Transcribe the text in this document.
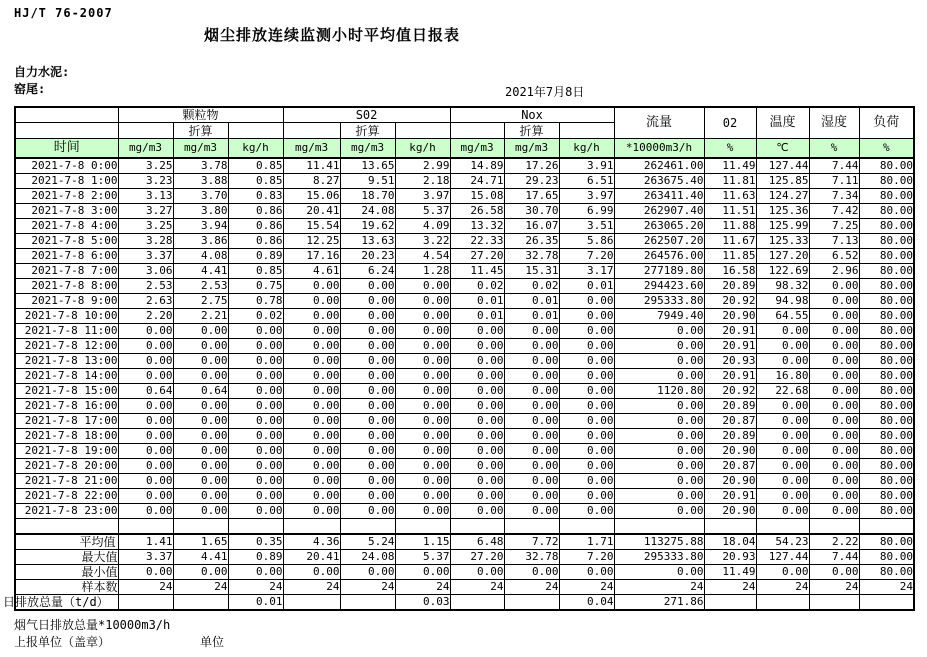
HJ/T 76-2007
烟尘排放连续监测小时平均值日报表
自力水泥:
窑尾:	2021年7月8日
	颗粒物			S02			Nox			流量	02	温度	湿度	负荷
		折算			折算			折算						
时间	mg/m3	mg/m3	kg/h	mg/m3	mg/m3	kg/h	mg/m3	mg/m3	kg/h	*10000m3/h	%	℃	%	%
2021-7-8 0:00	3.25	3.78	0.85	11.41	13.65	2.99	14.89	17.26	3.91	262461.00	11.49	127.44	7.44	80.00
2021-7-8 1:00	3.23	3.88	0.85	8.27	9.51	2.18	24.71	29.23	6.51	263675.40	11.81	125.85	7.11	80.00
2021-7-8 2:00	3.13	3.70	0.83	15.06	18.70	3.97	15.08	17.65	3.97	263411.40	11.63	124.27	7.34	80.00
2021-7-8 3:00	3.27	3.80	0.86	20.41	24.08	5.37	26.58	30.70	6.99	262907.40	11.51	125.36	7.42	80.00
2021-7-8 4:00	3.25	3.94	0.86	15.54	19.62	4.09	13.32	16.07	3.51	263065.20	11.88	125.99	7.25	80.00
2021-7-8 5:00	3.28	3.86	0.86	12.25	13.63	3.22	22.33	26.35	5.86	262507.20	11.67	125.33	7.13	80.00
2021-7-8 6:00	3.37	4.08	0.89	17.16	20.23	4.54	27.20	32.78	7.20	264576.00	11.85	127.20	6.52	80.00
2021-7-8 7:00	3.06	4.41	0.85	4.61	6.24	1.28	11.45	15.31	3.17	277189.80	16.58	122.69	2.96	80.00
2021-7-8 8:00	2.53	2.53	0.75	0.00	0.00	0.00	0.02	0.02	0.01	294423.60	20.89	98.32	0.00	80.00
2021-7-8 9:00	2.63	2.75	0.78	0.00	0.00	0.00	0.01	0.01	0.00	295333.80	20.92	94.98	0.00	80.00
2021-7-8 10:00	2.20	2.21	0.02	0.00	0.00	0.00	0.01	0.01	0.00	7949.40	20.90	64.55	0.00	80.00
2021-7-8 11:00	0.00	0.00	0.00	0.00	0.00	0.00	0.00	0.00	0.00	0.00	20.91	0.00	0.00	80.00
2021-7-8 12:00	0.00	0.00	0.00	0.00	0.00	0.00	0.00	0.00	0.00	0.00	20.91	0.00	0.00	80.00
2021-7-8 13:00	0.00	0.00	0.00	0.00	0.00	0.00	0.00	0.00	0.00	0.00	20.93	0.00	0.00	80.00
2021-7-8 14:00	0.00	0.00	0.00	0.00	0.00	0.00	0.00	0.00	0.00	0.00	20.91	16.80	0.00	80.00
2021-7-8 15:00	0.64	0.64	0.00	0.00	0.00	0.00	0.00	0.00	0.00	1120.80	20.92	22.68	0.00	80.00
2021-7-8 16:00	0.00	0.00	0.00	0.00	0.00	0.00	0.00	0.00	0.00	0.00	20.89	0.00	0.00	80.00
2021-7-8 17:00	0.00	0.00	0.00	0.00	0.00	0.00	0.00	0.00	0.00	0.00	20.87	0.00	0.00	80.00
2021-7-8 18:00	0.00	0.00	0.00	0.00	0.00	0.00	0.00	0.00	0.00	0.00	20.89	0.00	0.00	80.00
2021-7-8 19:00	0.00	0.00	0.00	0.00	0.00	0.00	0.00	0.00	0.00	0.00	20.90	0.00	0.00	80.00
2021-7-8 20:00	0.00	0.00	0.00	0.00	0.00	0.00	0.00	0.00	0.00	0.00	20.87	0.00	0.00	80.00
2021-7-8 21:00	0.00	0.00	0.00	0.00	0.00	0.00	0.00	0.00	0.00	0.00	20.90	0.00	0.00	80.00
2021-7-8 22:00	0.00	0.00	0.00	0.00	0.00	0.00	0.00	0.00	0.00	0.00	20.91	0.00	0.00	80.00
2021-7-8 23:00	0.00	0.00	0.00	0.00	0.00	0.00	0.00	0.00	0.00	0.00	20.90	0.00	0.00	80.00

平均值	1.41	1.65	0.35	4.36	5.24	1.15	6.48	7.72	1.71	113275.88	18.04	54.23	2.22	80.00
最大值	3.37	4.41	0.89	20.41	24.08	5.37	27.20	32.78	7.20	295333.80	20.93	127.44	7.44	80.00
最小值	0.00	0.00	0.00	0.00	0.00	0.00	0.00	0.00	0.00	0.00	11.49	0.00	0.00	80.00
样本数	24	24	24	24	24	24	24	24	24	24	24	24	24	24
日排放总量（t/d）			0.01			0.03			0.04	271.86				
烟气日排放总量*10000m3/h
上报单位（盖章）	单位
